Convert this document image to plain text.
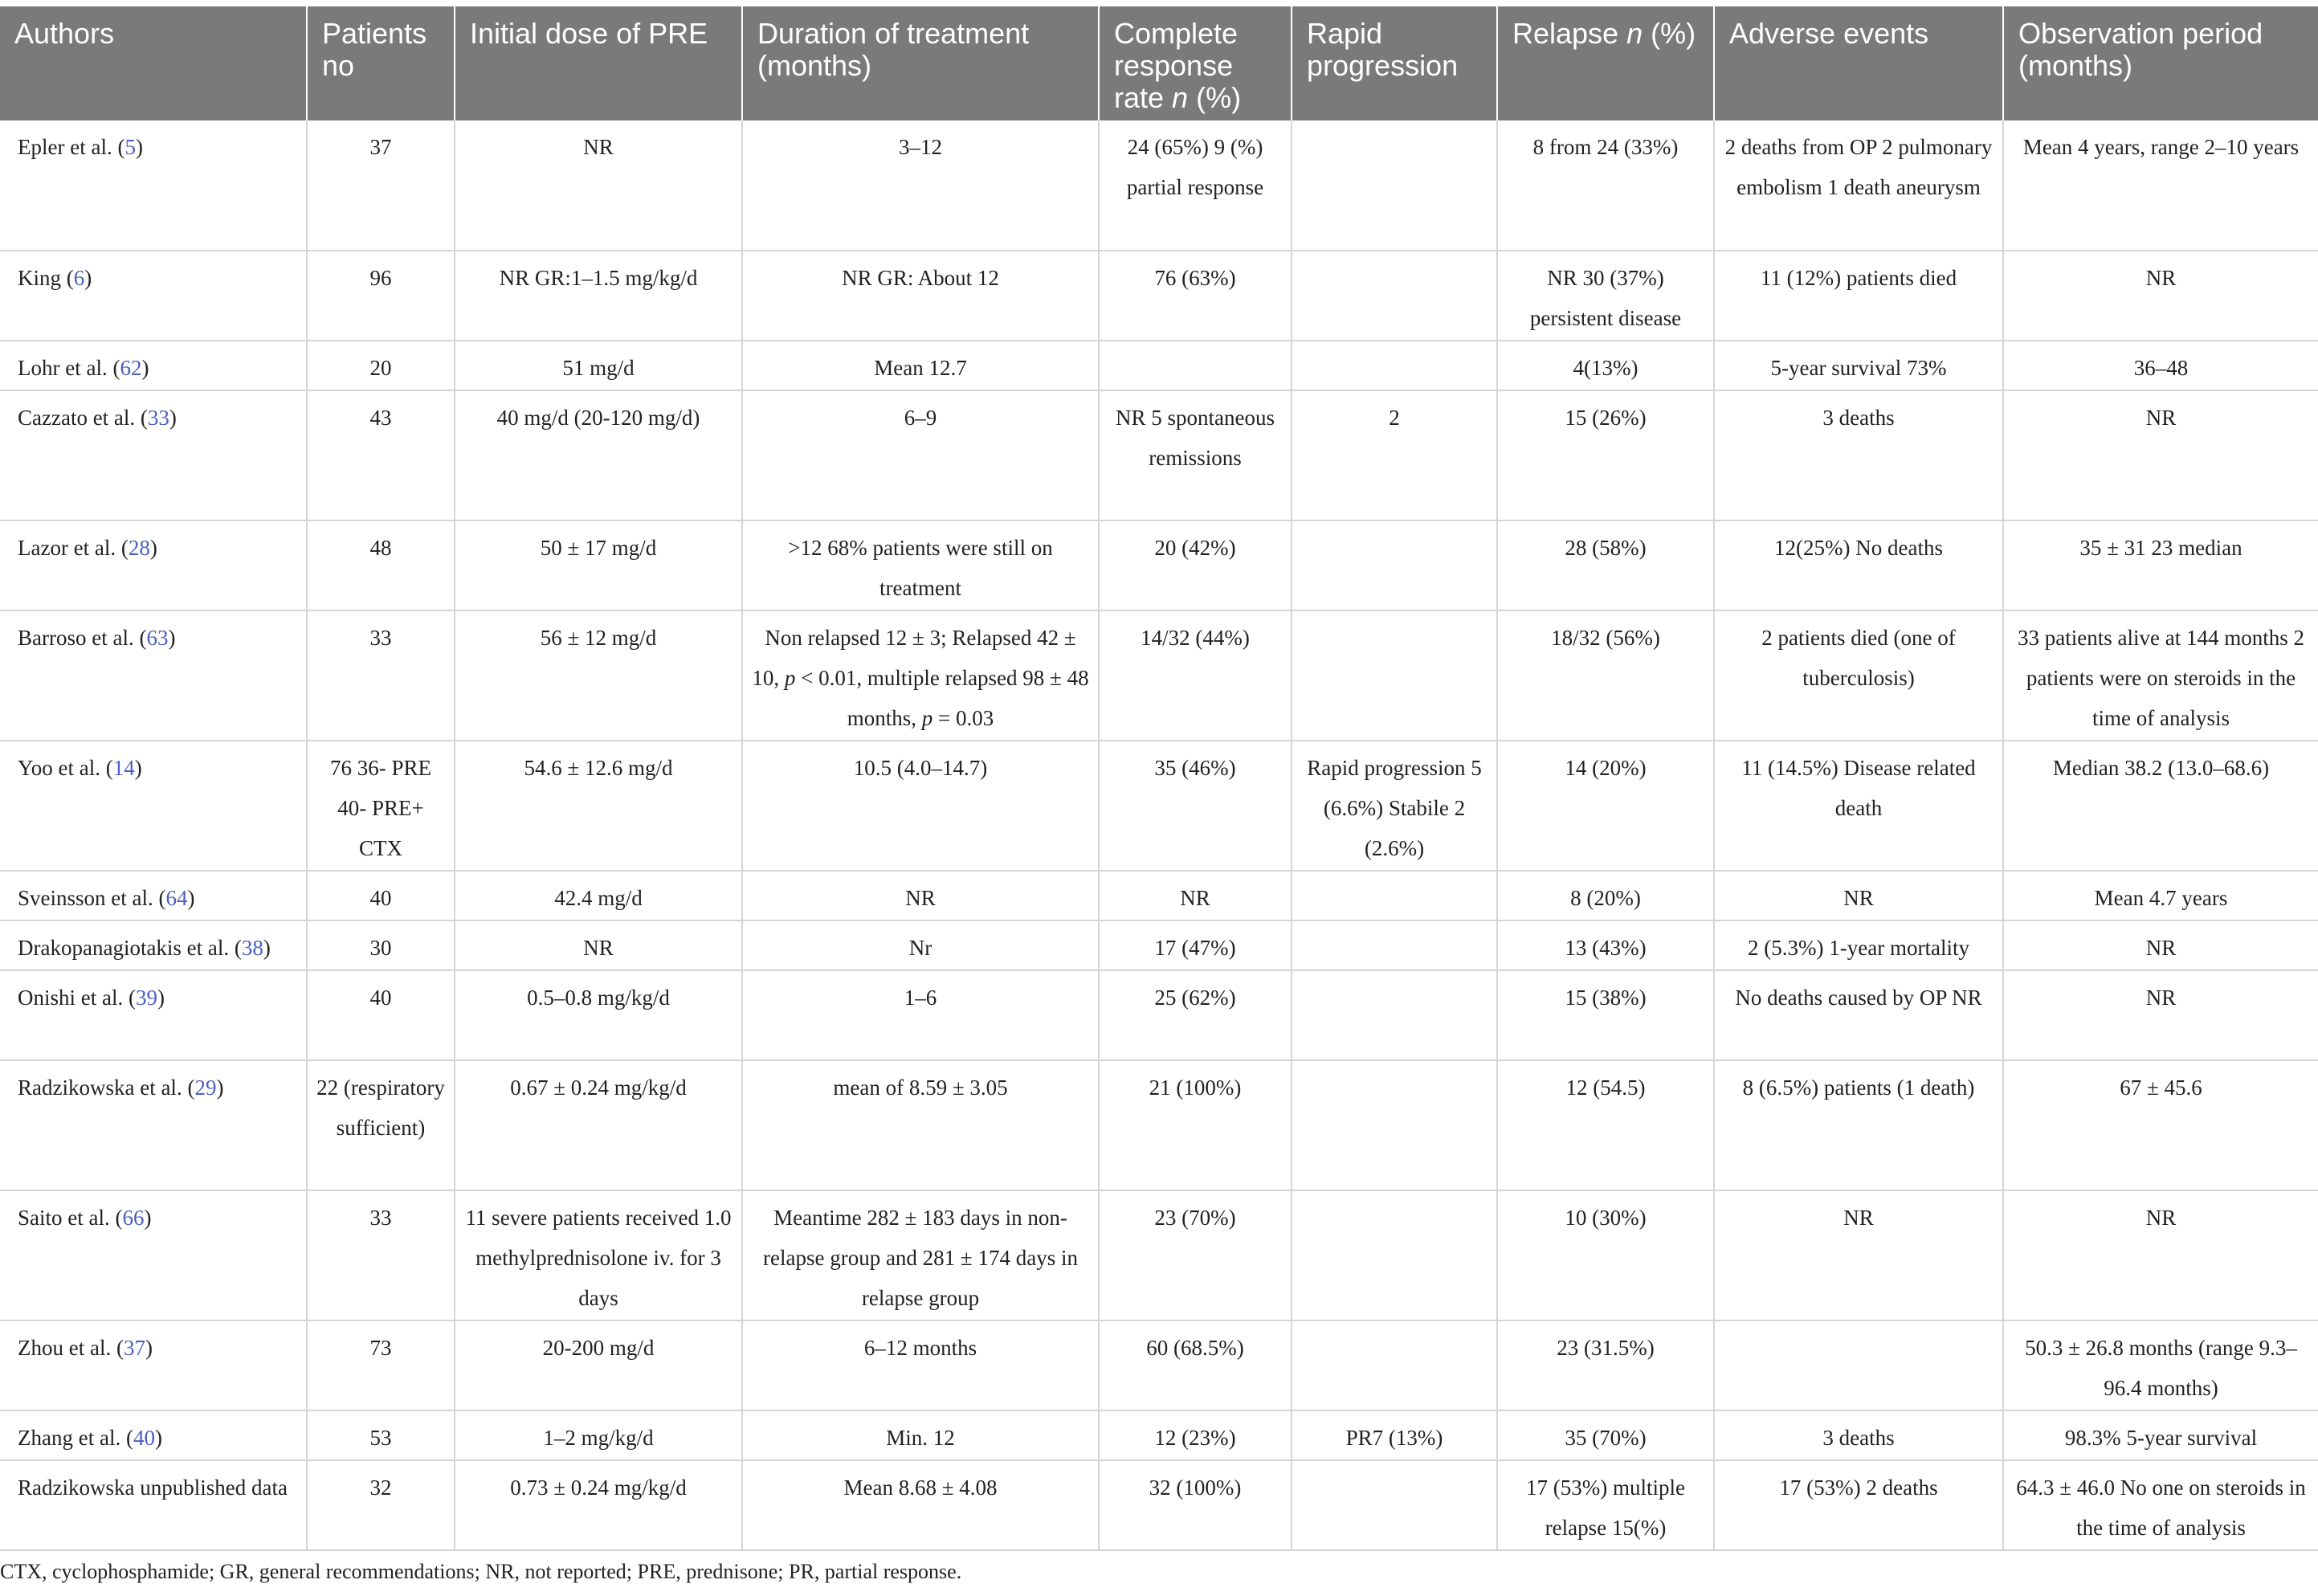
Authors	Patients no	Initial dose of PRE	Duration of treatment (months)	Complete response rate n (%)	Rapid progression	Relapse n (%)	Adverse events	Observation period (months)
Epler et al. (5)	37	NR	3–12	24 (65%) 9 (%) partial response		8 from 24 (33%)	2 deaths from OP 2 pulmonary embolism 1 death aneurysm	Mean 4 years, range 2–10 years
King (6)	96	NR GR:1–1.5 mg/kg/d	NR GR: About 12	76 (63%)		NR 30 (37%) persistent disease	11 (12%) patients died	NR
Lohr et al. (62)	20	51 mg/d	Mean 12.7			4(13%)	5-year survival 73%	36–48
Cazzato et al. (33)	43	40 mg/d (20-120 mg/d)	6–9	NR 5 spontaneous remissions	2	15 (26%)	3 deaths	NR
Lazor et al. (28)	48	50 ± 17 mg/d	>12 68% patients were still on treatment	20 (42%)		28 (58%)	12(25%) No deaths	35 ± 31 23 median
Barroso et al. (63)	33	56 ± 12 mg/d	Non relapsed 12 ± 3; Relapsed 42 ± 10, p < 0.01, multiple relapsed 98 ± 48 months, p = 0.03	14/32 (44%)		18/32 (56%)	2 patients died (one of tuberculosis)	33 patients alive at 144 months 2 patients were on steroids in the time of analysis
Yoo et al. (14)	76 36- PRE 40- PRE+ CTX	54.6 ± 12.6 mg/d	10.5 (4.0–14.7)	35 (46%)	Rapid progression 5 (6.6%) Stabile 2 (2.6%)	14 (20%)	11 (14.5%) Disease related death	Median 38.2 (13.0–68.6)
Sveinsson et al. (64)	40	42.4 mg/d	NR	NR		8 (20%)	NR	Mean 4.7 years
Drakopanagiotakis et al. (38)	30	NR	Nr	17 (47%)		13 (43%)	2 (5.3%) 1-year mortality	NR
Onishi et al. (39)	40	0.5–0.8 mg/kg/d	1–6	25 (62%)		15 (38%)	No deaths caused by OP NR	NR
Radzikowska et al. (29)	22 (respiratory sufficient)	0.67 ± 0.24 mg/kg/d	mean of 8.59 ± 3.05	21 (100%)		12 (54.5)	8 (6.5%) patients (1 death)	67 ± 45.6
Saito et al. (66)	33	11 severe patients received 1.0 methylprednisolone iv. for 3 days	Meantime 282 ± 183 days in non-relapse group and 281 ± 174 days in relapse group	23 (70%)		10 (30%)	NR	NR
Zhou et al. (37)	73	20-200 mg/d	6–12 months	60 (68.5%)		23 (31.5%)		50.3 ± 26.8 months (range 9.3–96.4 months)
Zhang et al. (40)	53	1–2 mg/kg/d	Min. 12	12 (23%)	PR7 (13%)	35 (70%)	3 deaths	98.3% 5-year survival
Radzikowska unpublished data	32	0.73 ± 0.24 mg/kg/d	Mean 8.68 ± 4.08	32 (100%)		17 (53%) multiple relapse 15(%)	17 (53%) 2 deaths	64.3 ± 46.0 No one on steroids in the time of analysis
CTX, cyclophosphamide; GR, general recommendations; NR, not reported; PRE, prednisone; PR, partial response.
